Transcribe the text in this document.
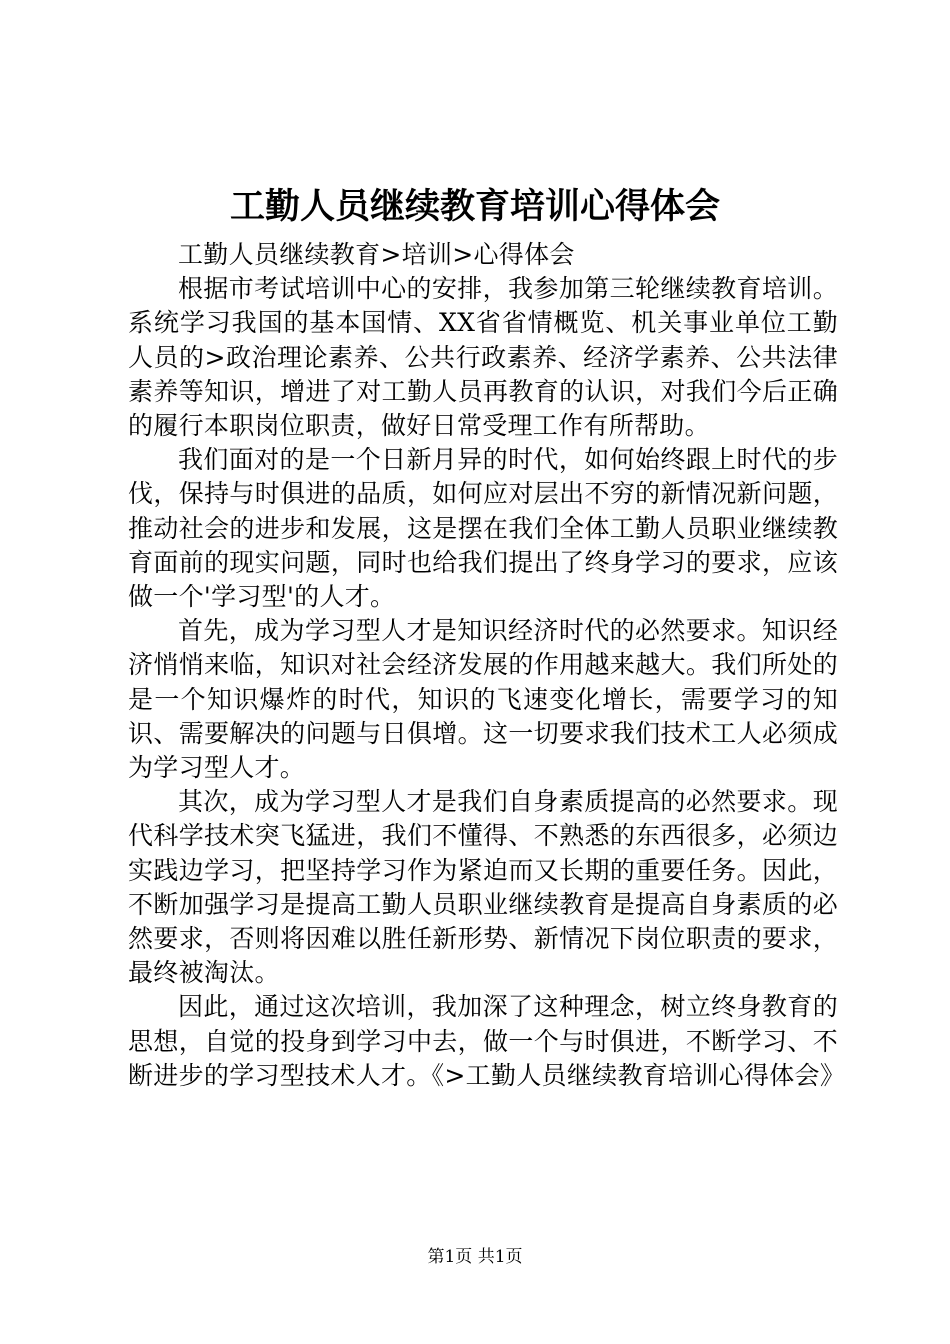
工勤人员继续教育培训心得体会

工勤人员继续教育>培训>心得体会

根据市考试培训中心的安排，我参加第三轮继续教育培训。系统学习我国的基本国情、XX省省情概览、机关事业单位工勤人员的>政治理论素养、公共行政素养、经济学素养、公共法律素养等知识，增进了对工勤人员再教育的认识，对我们今后正确的履行本职岗位职责，做好日常受理工作有所帮助。

我们面对的是一个日新月异的时代，如何始终跟上时代的步伐，保持与时俱进的品质，如何应对层出不穷的新情况新问题，推动社会的进步和发展，这是摆在我们全体工勤人员职业继续教育面前的现实问题，同时也给我们提出了终身学习的要求，应该做一个'学习型'的人才。

首先，成为学习型人才是知识经济时代的必然要求。知识经济悄悄来临，知识对社会经济发展的作用越来越大。我们所处的是一个知识爆炸的时代，知识的飞速变化增长，需要学习的知识、需要解决的问题与日俱增。这一切要求我们技术工人必须成为学习型人才。

其次，成为学习型人才是我们自身素质提高的必然要求。现代科学技术突飞猛进，我们不懂得、不熟悉的东西很多，必须边实践边学习，把坚持学习作为紧迫而又长期的重要任务。因此，不断加强学习是提高工勤人员职业继续教育是提高自身素质的必然要求，否则将因难以胜任新形势、新情况下岗位职责的要求，最终被淘汰。

因此，通过这次培训，我加深了这种理念，树立终身教育的思想，自觉的投身到学习中去，做一个与时俱进，不断学习、不断进步的学习型技术人才。《>工勤人员继续教育培训心得体会》

第1页 共1页
